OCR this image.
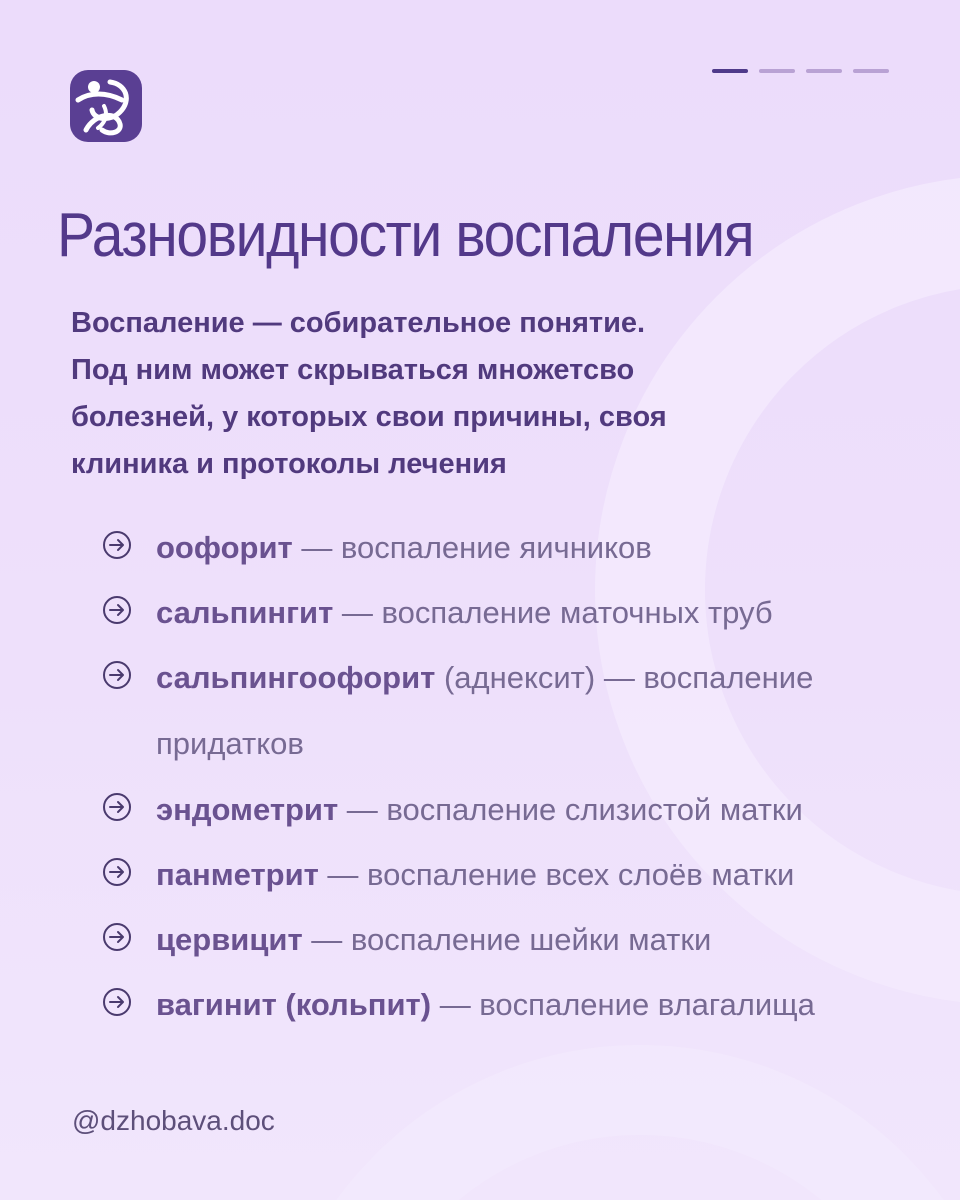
Разновидности воспаления
Воспаление — собирательное понятие.
Под ним может скрываться множетсво
болезней, у которых свои причины, своя
клиника и протоколы лечения
оофорит — воспаление яичников
сальпингит — воспаление маточных труб
сальпингоофорит (аднексит) — воспаление придатков
эндометрит — воспаление слизистой матки
панметрит — воспаление всех слоёв матки
цервицит — воспаление шейки матки
вагинит (кольпит) — воспаление влагалища
@dzhobava.doc
